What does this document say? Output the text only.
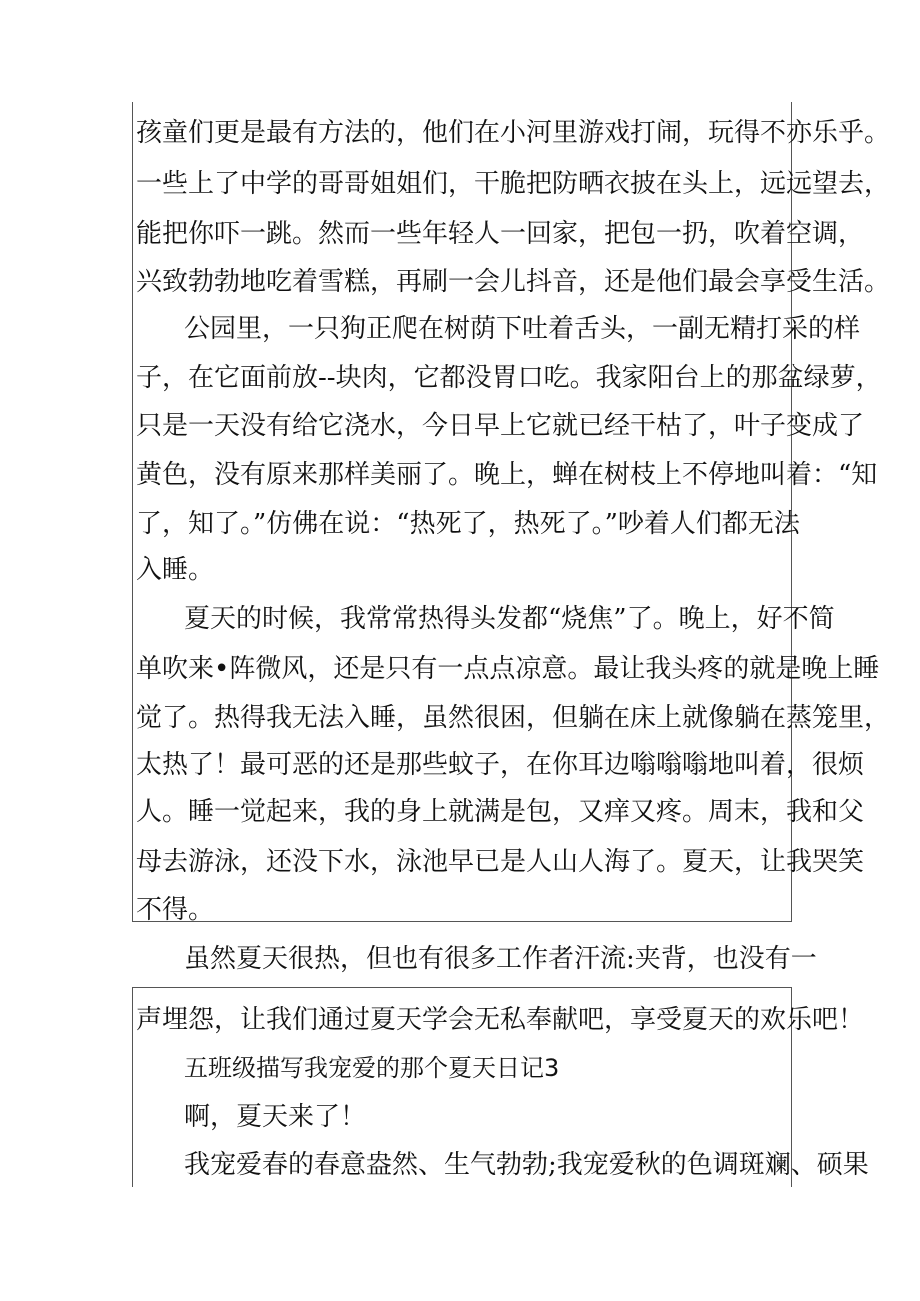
孩童们更是最有方法的，他们在小河里游戏打闹，玩得不亦乐乎。
一些上了中学的哥哥姐姐们，干脆把防晒衣披在头上，远远望去，
能把你吓一跳。然而一些年轻人一回家，把包一扔，吹着空调，
兴致勃勃地吃着雪糕，再刷一会儿抖音，还是他们最会享受生活。
公园里，一只狗正爬在树荫下吐着舌头，一副无精打采的样
子，在它面前放--块肉，它都没胃口吃。我家阳台上的那盆绿萝，
只是一天没有给它浇水，今日早上它就已经干枯了，叶子变成了
黄色，没有原来那样美丽了。晚上，蝉在树枝上不停地叫着：“知
了，知了。”仿佛在说：“热死了，热死了。”吵着人们都无法
入睡。
夏天的时候，我常常热得头发都“烧焦”了。晚上，好不简
单吹来•阵微风，还是只有一点点凉意。最让我头疼的就是晚上睡
觉了。热得我无法入睡，虽然很困，但躺在床上就像躺在蒸笼里，
太热了！最可恶的还是那些蚊子，在你耳边嗡嗡嗡地叫着，很烦
人。睡一觉起来，我的身上就满是包，又痒又疼。周末，我和父
母去游泳，还没下水，泳池早已是人山人海了。夏天，让我哭笑
不得。
虽然夏天很热，但也有很多工作者汗流:夹背，也没有一
声埋怨，让我们通过夏天学会无私奉献吧，享受夏天的欢乐吧！
五班级描写我宠爱的那个夏天日记3
啊，夏天来了！
我宠爱春的春意盎然、生气勃勃;我宠爱秋的色调斑斓、硕果
